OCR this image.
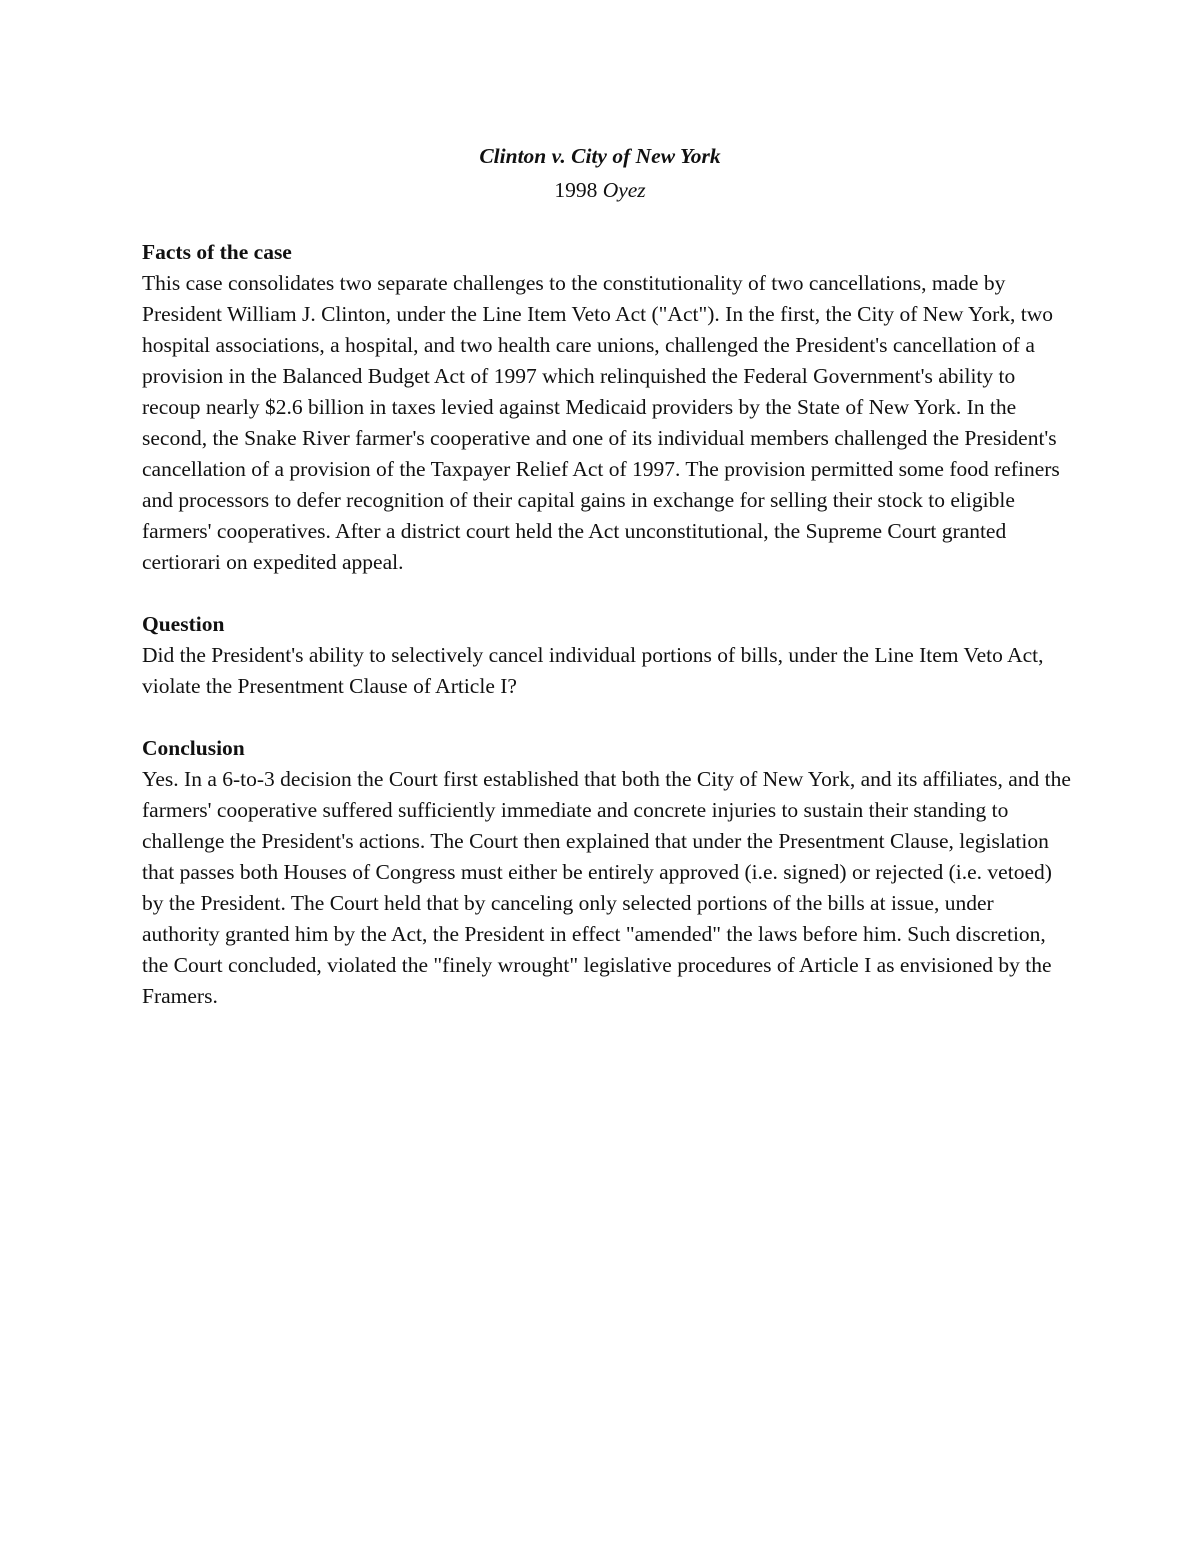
Clinton v. City of New York
1998 Oyez
Facts of the case

This case consolidates two separate challenges to the constitutionality of two cancellations, made by President William J. Clinton, under the Line Item Veto Act ("Act"). In the first, the City of New York, two hospital associations, a hospital, and two health care unions, challenged the President's cancellation of a provision in the Balanced Budget Act of 1997 which relinquished the Federal Government's ability to recoup nearly $2.6 billion in taxes levied against Medicaid providers by the State of New York. In the second, the Snake River farmer's cooperative and one of its individual members challenged the President's cancellation of a provision of the Taxpayer Relief Act of 1997. The provision permitted some food refiners and processors to defer recognition of their capital gains in exchange for selling their stock to eligible farmers' cooperatives. After a district court held the Act unconstitutional, the Supreme Court granted certiorari on expedited appeal.

Question

Did the President's ability to selectively cancel individual portions of bills, under the Line Item Veto Act, violate the Presentment Clause of Article I?

Conclusion

Yes. In a 6-to-3 decision the Court first established that both the City of New York, and its affiliates, and the farmers' cooperative suffered sufficiently immediate and concrete injuries to sustain their standing to challenge the President's actions. The Court then explained that under the Presentment Clause, legislation that passes both Houses of Congress must either be entirely approved (i.e. signed) or rejected (i.e. vetoed) by the President. The Court held that by canceling only selected portions of the bills at issue, under authority granted him by the Act, the President in effect "amended" the laws before him. Such discretion, the Court concluded, violated the "finely wrought" legislative procedures of Article I as envisioned by the Framers.
